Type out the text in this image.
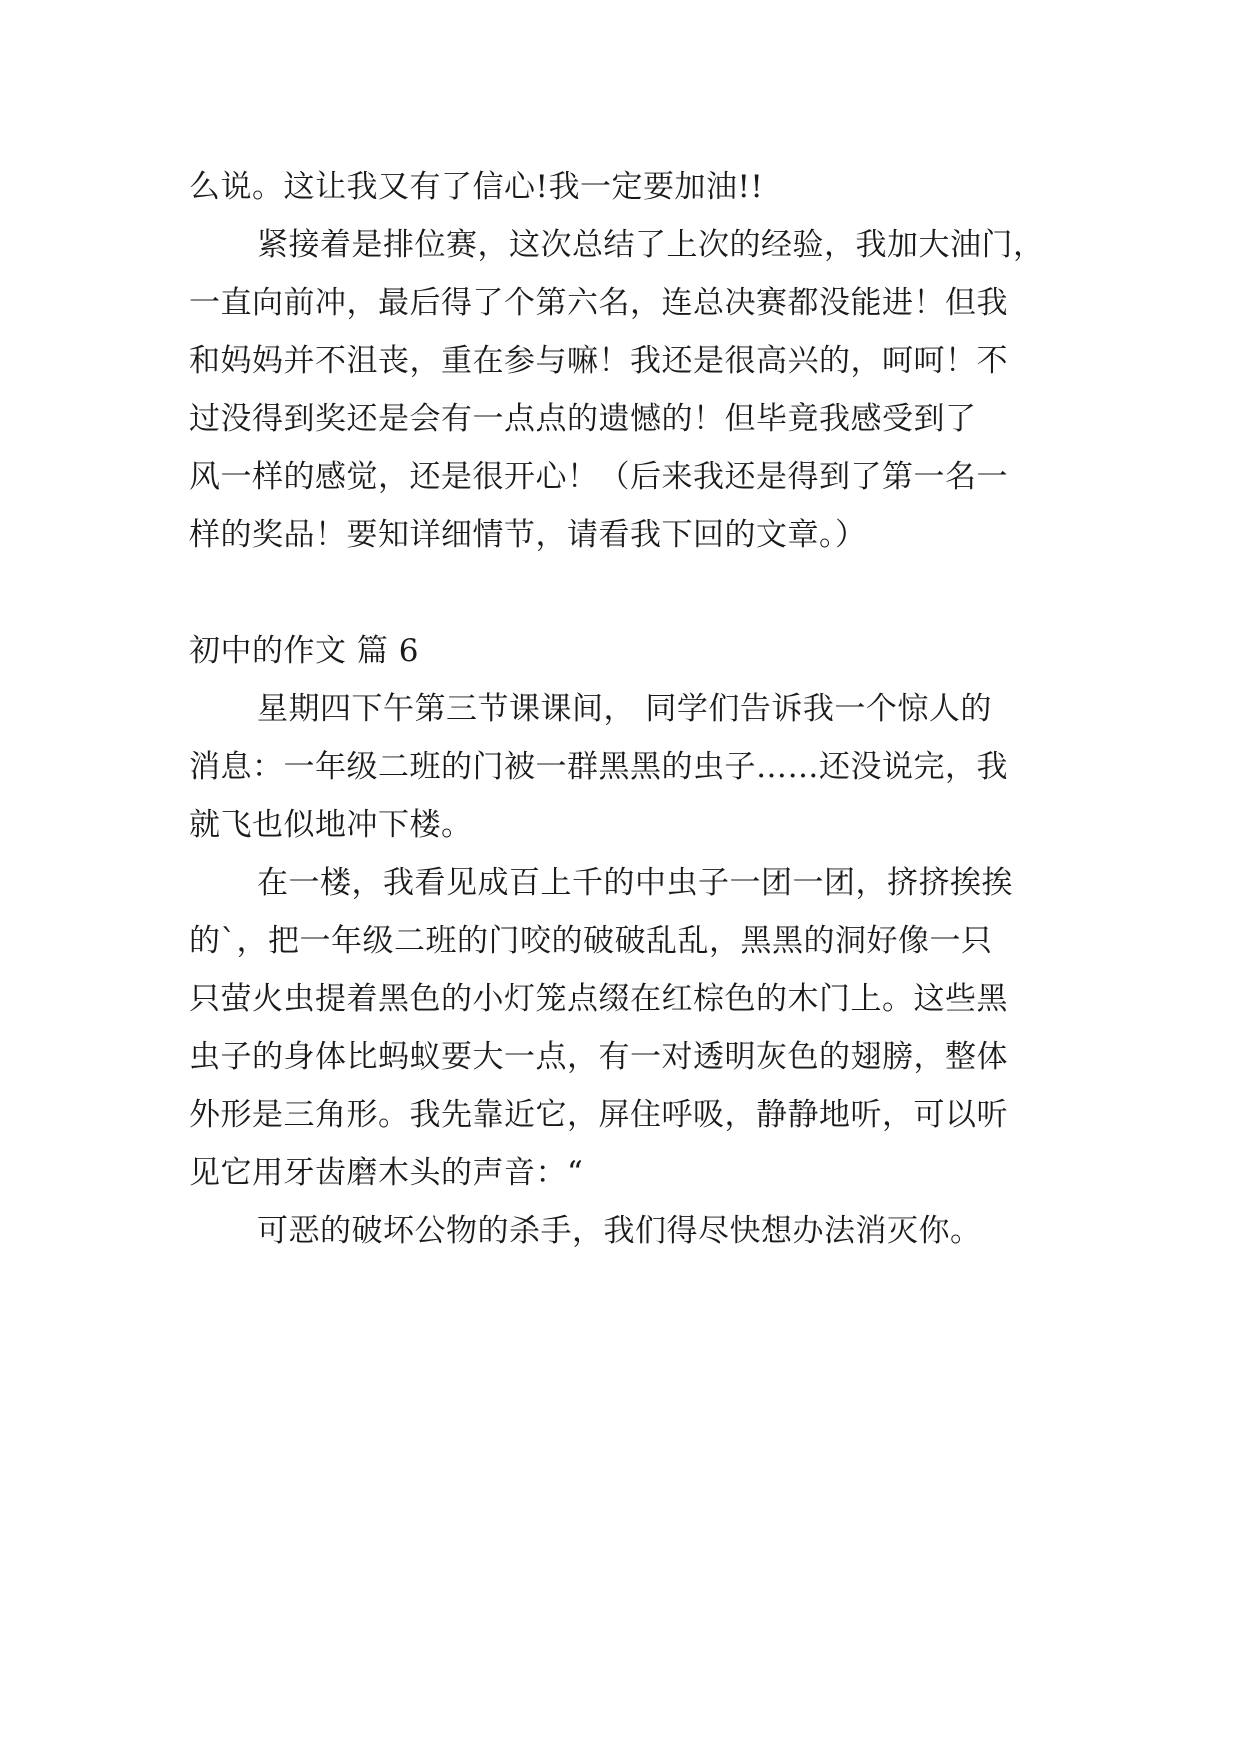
么说。这让我又有了信心!我一定要加油!!
紧接着是排位赛，这次总结了上次的经验，我加大油门，
一直向前冲，最后得了个第六名，连总决赛都没能进！但我
和妈妈并不沮丧，重在参与嘛！我还是很高兴的，呵呵！不
过没得到奖还是会有一点点的遗憾的！但毕竟我感受到了
风一样的感觉，还是很开心！（后来我还是得到了第一名一
样的奖品！要知详细情节，请看我下回的文章。）
初中的作文 篇 6
星期四下午第三节课课间， 同学们告诉我一个惊人的
消息：一年级二班的门被一群黑黑的虫子……还没说完，我
就飞也似地冲下楼。
在一楼，我看见成百上千的中虫子一团一团，挤挤挨挨
的`，把一年级二班的门咬的破破乱乱，黑黑的洞好像一只
只萤火虫提着黑色的小灯笼点缀在红棕色的木门上。这些黑
虫子的身体比蚂蚁要大一点，有一对透明灰色的翅膀，整体
外形是三角形。我先靠近它，屏住呼吸，静静地听，可以听
见它用牙齿磨木头的声音：“
可恶的破坏公物的杀手，我们得尽快想办法消灭你。
